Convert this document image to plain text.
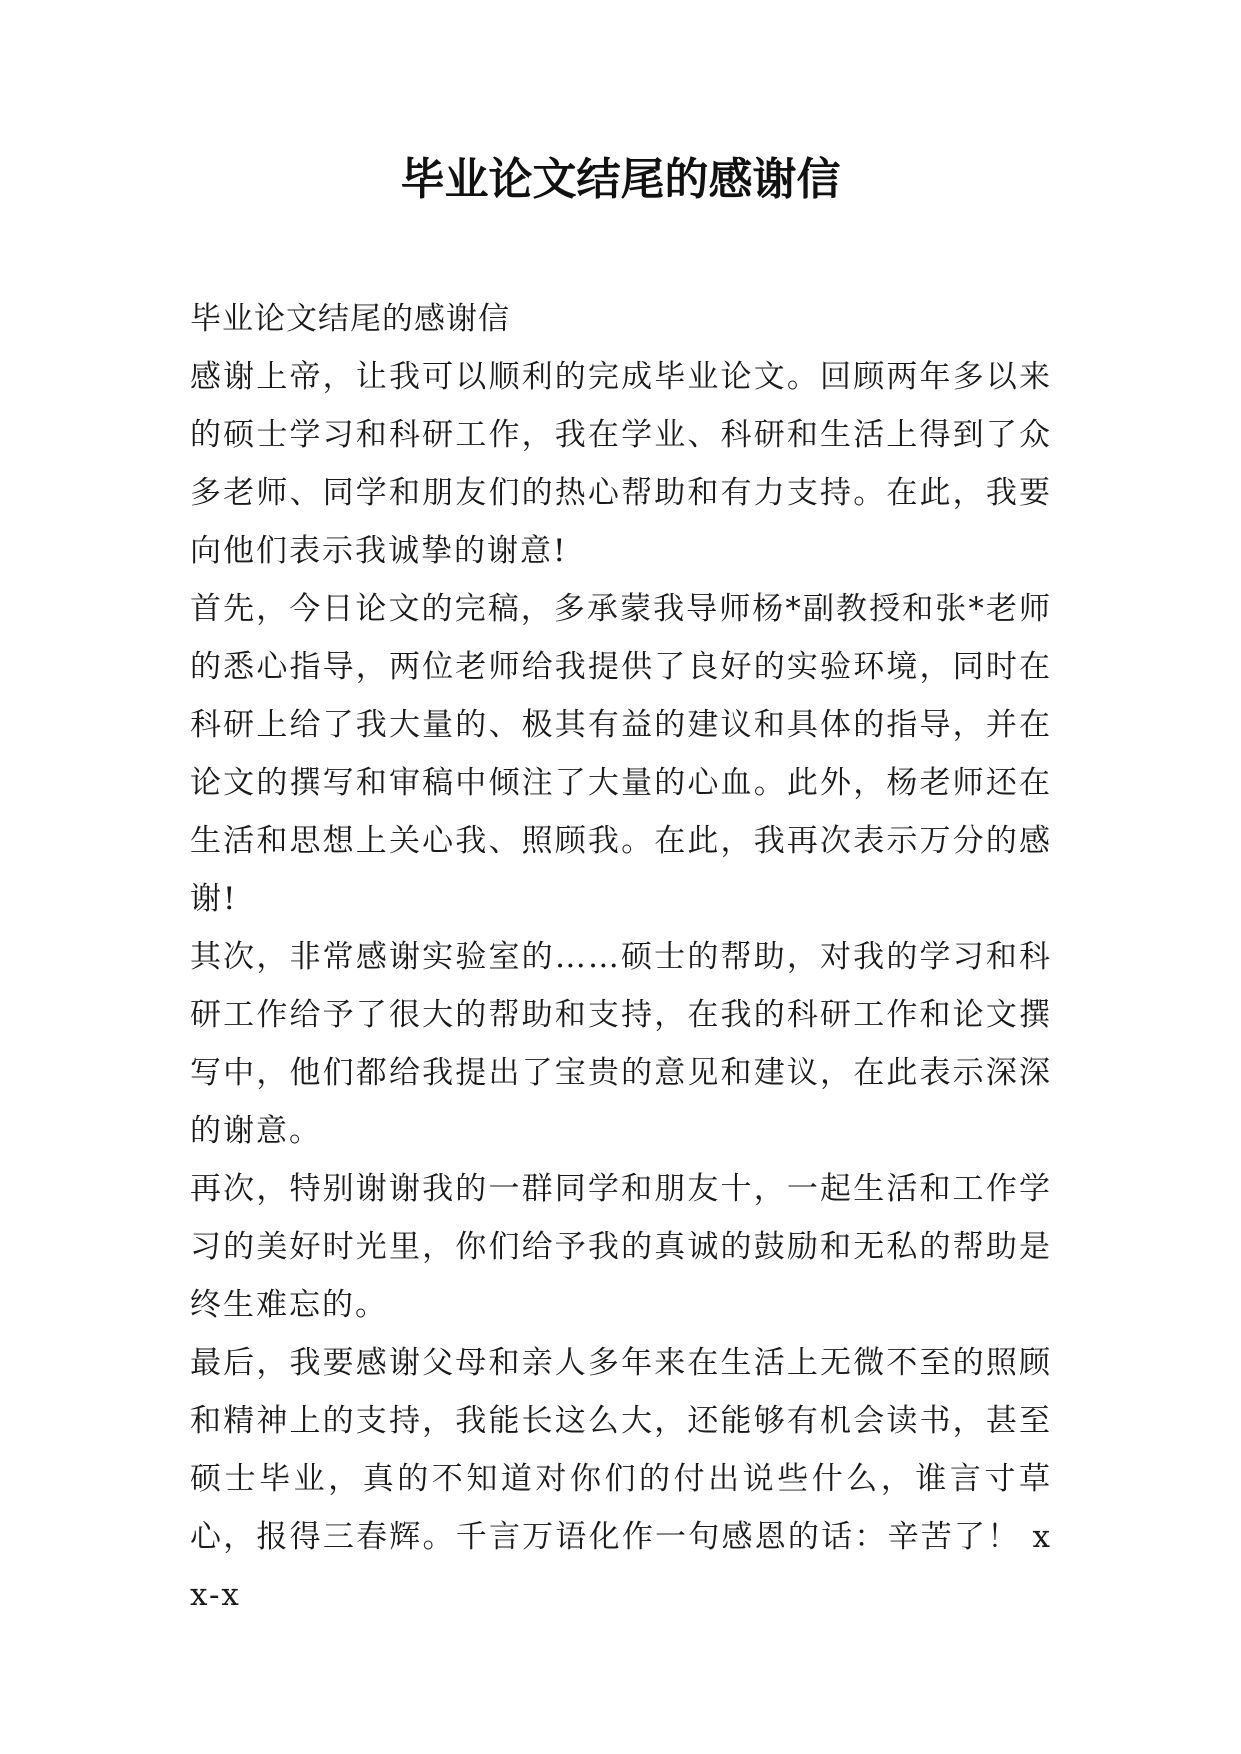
毕业论文结尾的感谢信

毕业论文结尾的感谢信

感谢上帝，让我可以顺利的完成毕业论文。回顾两年多以来的硕士学习和科研工作，我在学业、科研和生活上得到了众多老师、同学和朋友们的热心帮助和有力支持。在此，我要向他们表示我诚挚的谢意!

首先，今日论文的完稿，多承蒙我导师杨*副教授和张*老师的悉心指导，两位老师给我提供了良好的实验环境，同时在科研上给了我大量的、极其有益的建议和具体的指导，并在论文的撰写和审稿中倾注了大量的心血。此外，杨老师还在生活和思想上关心我、照顾我。在此，我再次表示万分的感谢!

其次，非常感谢实验室的……硕士的帮助，对我的学习和科研工作给予了很大的帮助和支持，在我的科研工作和论文撰写中，他们都给我提出了宝贵的意见和建议，在此表示深深的谢意。

再次，特别谢谢我的一群同学和朋友十，一起生活和工作学习的美好时光里，你们给予我的真诚的鼓励和无私的帮助是终生难忘的。

最后，我要感谢父母和亲人多年来在生活上无微不至的照顾和精神上的支持，我能长这么大，还能够有机会读书，甚至硕士毕业，真的不知道对你们的付出说些什么，谁言寸草心，报得三春辉。千言万语化作一句感恩的话：辛苦了！ xx-x
